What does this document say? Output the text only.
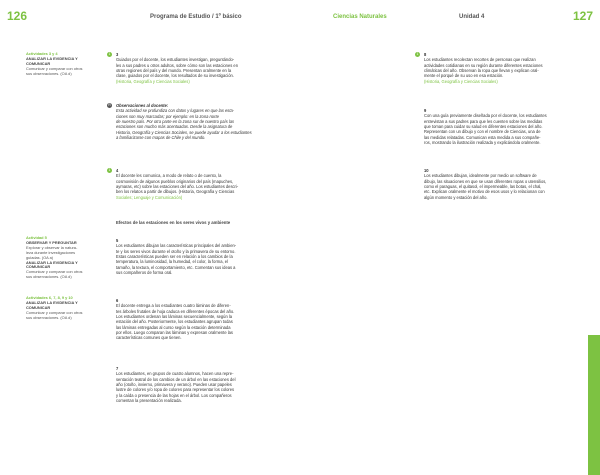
126	Programa de Estudio / 1º básico	Ciencias Naturales	Unidad 4	127
Actividades 3 y 4
ANALIZAR LA EVIDENCIA Y
COMUNICAR
Comunicar y comparar con otros
sus observaciones. (OA d)
Actividad 5
OBSERVAR Y PREGUNTAR
Explorar y observar la natura-
leza durante investigaciones
guiadas. (OA a)
ANALIZAR LA EVIDENCIA Y
COMUNICAR
Comunicar y comparar con otros
sus observaciones. (OA d)
Actividades 6, 7, 8, 9 y 10
ANALIZAR LA EVIDENCIA Y
COMUNICAR
Comunicar y comparar con otros
sus observaciones. (OA d)
1	3

Guiados por el docente, los estudiantes investigan, preguntándo-

les a sus padres u otros adultos, sobre cómo son las estaciones en

otras regiones del país y del mundo. Presentan oralmente en la

clase, guiados por el docente, los resultados de su investigación.

(Historia, Geografía y Ciencias Sociales)

R	Observaciones al docente:

Esta actividad se profundiza con datos y lugares en que las esta-

ciones son muy marcadas; por ejemplo: en la zona norte

de nuestro país. Por otra parte en la zona sur de nuestro país las

estaciones son mucho más acentuadas. Desde la asignatura de

Historia, Geografía y Ciencias Sociales, se puede ayudar a los estudiantes

a familiarizarse con mapas de Chile y del mundo.

1	4

El docente les comunica, a modo de relato o de cuento, la

cosmovisión de algunos pueblos originarios del país (mapuches,

aymaras, etc) sobre las estaciones del año. Los estudiantes descri-

ben los relatos a partir de dibujos. (Historia, Geografía y Ciencias

Sociales; Lenguaje y Comunicación)

Efectos de las estaciones en los seres vivos y ambiente

5

Los estudiantes dibujan las características principales del ambien-

te y los seres vivos durante el otoño y la primavera de su entorno.

Estas características pueden ser en relación a los cambios de la

temperatura, la luminosidad, la humedad, el color, la forma, el

tamaño, la textura, el comportamiento, etc. Comentan sus ideas a

sus compañeros de forma oral.

6

El docente entrega a los estudiantes cuatro láminas de diferen-

tes árboles frutales de hoja caduca en diferentes épocas del año.

Los estudiantes ordenan las láminas secuencialmente, según la

estación del año. Posteriormente, los estudiantes agrupan todas

las láminas entregadas al curso según la estación determinada

por ellos. Luego comparan las láminas y expresan oralmente las

características comunes que tienen.

7

Los estudiantes, en grupos de cuatro alumnos, hacen una repre-

sentación teatral de los cambios de un árbol en las estaciones del

año (otoño, invierno, primavera y verano). Pueden usar papeles

lustre de colores y/o ropa de colores para representar los colores

y la caída o presencia de las hojas en el árbol. Los compañeros

comentan la presentación realizada.

1	8

Los estudiantes recolectan recortes de personas que realizan

actividades cotidianas en su región durante diferentes estaciones

climáticas del año. Observan la ropa que llevan y explican oral-

mente el porqué de su uso en esa estación.

(Historia, Geografía y Ciencias Sociales)

9

Con una guía previamente diseñada por el docente, los estudiantes

entrevistan a sus padres para que les cuenten sobre las medidas

que toman para cuidar su salud en diferentes estaciones del año.

Representan con un dibujo y con el nombre de Ciencias, una de

las medidas relatadas. Comunican esta medida a sus compañe-

ros, mostrando la ilustración realizada y explicándola oralmente.

10

Los estudiantes dibujan, idealmente por medio un software de

dibujo, las situaciones en que se usan diferentes ropas o utensilios,

como el paraguas, el quitasol, el impermeable, las botas, el chal,

etc. Explican oralmente el motivo de esos usos y lo relacionan con

algún momento y estación del año.
